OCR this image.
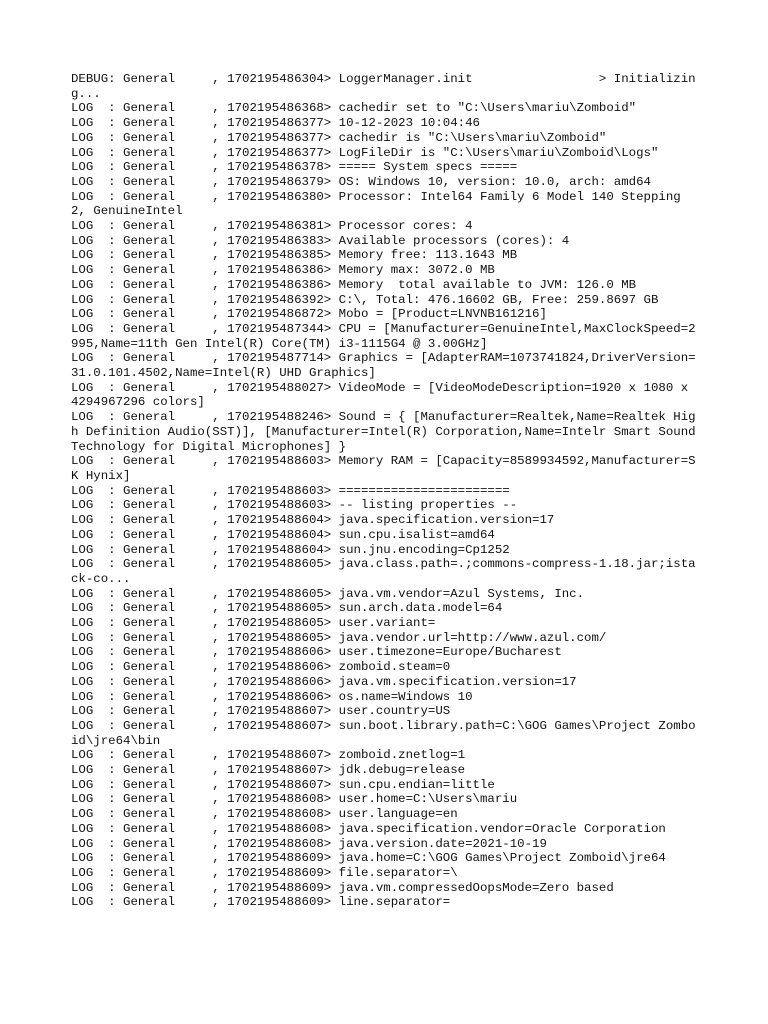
DEBUG: General     , 1702195486304> LoggerManager.init                 > Initializing...
LOG  : General     , 1702195486368> cachedir set to "C:\Users\mariu\Zomboid"
LOG  : General     , 1702195486377> 10-12-2023 10:04:46
LOG  : General     , 1702195486377> cachedir is "C:\Users\mariu\Zomboid"
LOG  : General     , 1702195486377> LogFileDir is "C:\Users\mariu\Zomboid\Logs"
LOG  : General     , 1702195486378> ===== System specs =====
LOG  : General     , 1702195486379> OS: Windows 10, version: 10.0, arch: amd64
LOG  : General     , 1702195486380> Processor: Intel64 Family 6 Model 140 Stepping 2, GenuineIntel
LOG  : General     , 1702195486381> Processor cores: 4
LOG  : General     , 1702195486383> Available processors (cores): 4
LOG  : General     , 1702195486385> Memory free: 113.1643 MB
LOG  : General     , 1702195486386> Memory max: 3072.0 MB
LOG  : General     , 1702195486386> Memory  total available to JVM: 126.0 MB
LOG  : General     , 1702195486392> C:\, Total: 476.16602 GB, Free: 259.8697 GB
LOG  : General     , 1702195486872> Mobo = [Product=LNVNB161216]
LOG  : General     , 1702195487344> CPU = [Manufacturer=GenuineIntel,MaxClockSpeed=2995,Name=11th Gen Intel(R) Core(TM) i3-1115G4 @ 3.00GHz]
LOG  : General     , 1702195487714> Graphics = [AdapterRAM=1073741824,DriverVersion=31.0.101.4502,Name=Intel(R) UHD Graphics]
LOG  : General     , 1702195488027> VideoMode = [VideoModeDescription=1920 x 1080 x 4294967296 colors]
LOG  : General     , 1702195488246> Sound = { [Manufacturer=Realtek,Name=Realtek High Definition Audio(SST)], [Manufacturer=Intel(R) Corporation,Name=Intelr Smart Sound Technology for Digital Microphones] }
LOG  : General     , 1702195488603> Memory RAM = [Capacity=8589934592,Manufacturer=SK Hynix]
LOG  : General     , 1702195488603> =======================
LOG  : General     , 1702195488603> -- listing properties --
LOG  : General     , 1702195488604> java.specification.version=17
LOG  : General     , 1702195488604> sun.cpu.isalist=amd64
LOG  : General     , 1702195488604> sun.jnu.encoding=Cp1252
LOG  : General     , 1702195488605> java.class.path=.;commons-compress-1.18.jar;istack-co...
LOG  : General     , 1702195488605> java.vm.vendor=Azul Systems, Inc.
LOG  : General     , 1702195488605> sun.arch.data.model=64
LOG  : General     , 1702195488605> user.variant=
LOG  : General     , 1702195488605> java.vendor.url=http://www.azul.com/
LOG  : General     , 1702195488606> user.timezone=Europe/Bucharest
LOG  : General     , 1702195488606> zomboid.steam=0
LOG  : General     , 1702195488606> java.vm.specification.version=17
LOG  : General     , 1702195488606> os.name=Windows 10
LOG  : General     , 1702195488607> user.country=US
LOG  : General     , 1702195488607> sun.boot.library.path=C:\GOG Games\Project Zomboid\jre64\bin
LOG  : General     , 1702195488607> zomboid.znetlog=1
LOG  : General     , 1702195488607> jdk.debug=release
LOG  : General     , 1702195488607> sun.cpu.endian=little
LOG  : General     , 1702195488608> user.home=C:\Users\mariu
LOG  : General     , 1702195488608> user.language=en
LOG  : General     , 1702195488608> java.specification.vendor=Oracle Corporation
LOG  : General     , 1702195488608> java.version.date=2021-10-19
LOG  : General     , 1702195488609> java.home=C:\GOG Games\Project Zomboid\jre64
LOG  : General     , 1702195488609> file.separator=\
LOG  : General     , 1702195488609> java.vm.compressedOopsMode=Zero based
LOG  : General     , 1702195488609> line.separator=
